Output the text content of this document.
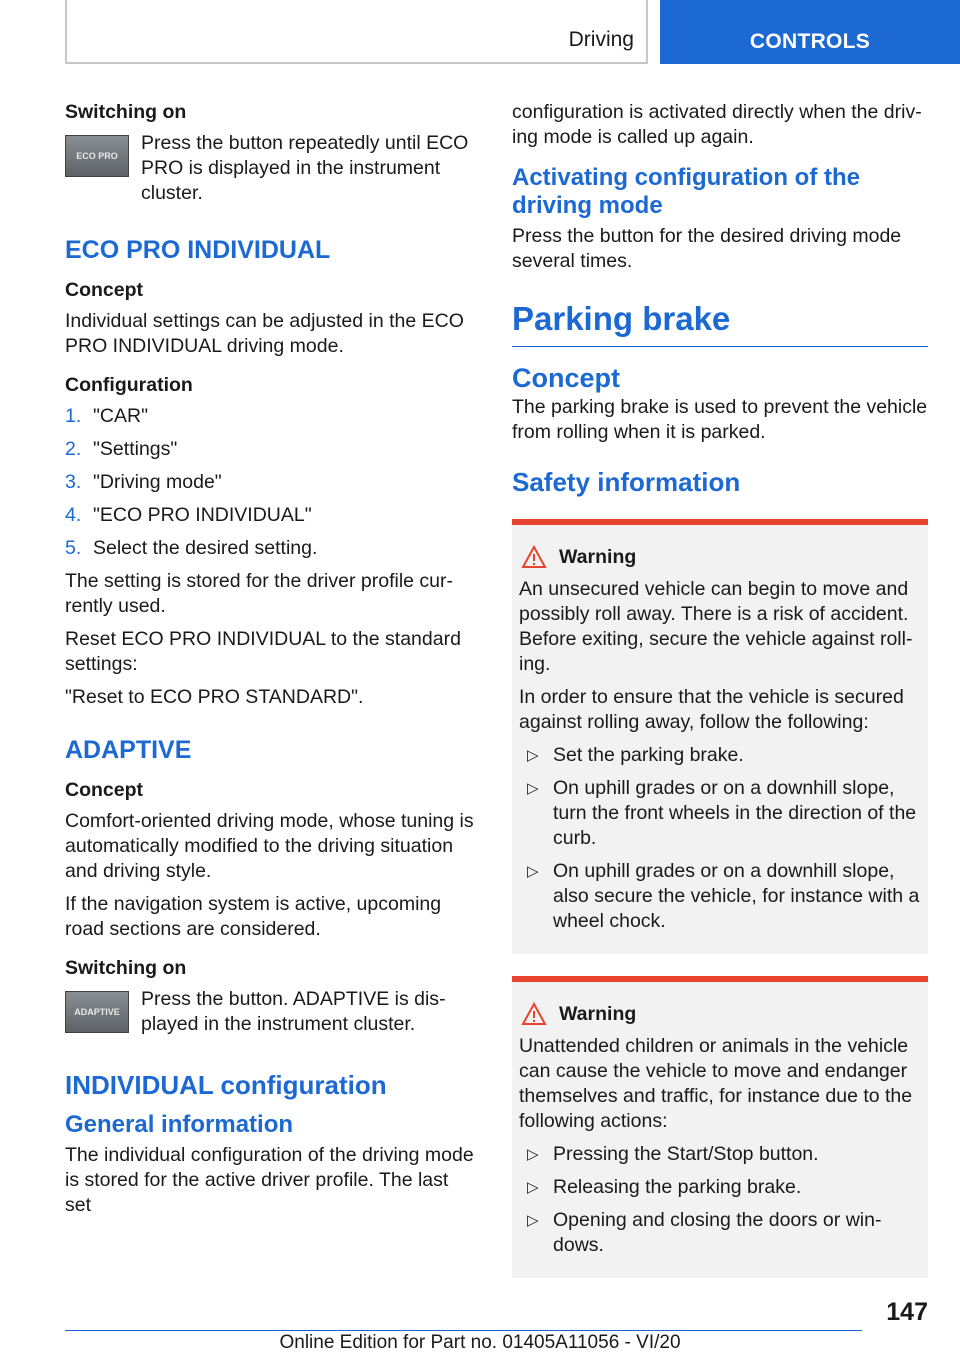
Driving	CONTROLS
Switching on
ECO PRO
Press the button repeatedly until ECO PRO is displayed in the instrument cluster.
ECO PRO INDIVIDUAL
Concept

Individual settings can be adjusted in the ECO PRO INDIVIDUAL driving mode.

Configuration
1. "CAR"
2. "Settings"
3. "Driving mode"
4. "ECO PRO INDIVIDUAL"
5. Select the desired setting.

The setting is stored for the driver profile currently used.

Reset ECO PRO INDIVIDUAL to the standard settings:

"Reset to ECO PRO STANDARD".

ADAPTIVE
Concept

Comfort-oriented driving mode, whose tuning is automatically modified to the driving situation and driving style.

If the navigation system is active, upcoming road sections are considered.

Switching on
ADAPTIVE
Press the button. ADAPTIVE is displayed in the instrument cluster.
INDIVIDUAL configuration
General information

The individual configuration of the driving mode is stored for the active driver profile. The last set

configuration is activated directly when the driving mode is called up again.

Activating configuration of the driving mode

Press the button for the desired driving mode several times.

Parking brake
Concept

The parking brake is used to prevent the vehicle from rolling when it is parked.

Safety information
Warning

An unsecured vehicle can begin to move and possibly roll away. There is a risk of accident. Before exiting, secure the vehicle against rolling.

In order to ensure that the vehicle is secured against rolling away, follow the following:

▷ Set the parking brake.
▷ On uphill grades or on a downhill slope, turn the front wheels in the direction of the curb.
▷ On uphill grades or on a downhill slope, also secure the vehicle, for instance with a wheel chock.
Warning

Unattended children or animals in the vehicle can cause the vehicle to move and endanger themselves and traffic, for instance due to the following actions:

▷ Pressing the Start/Stop button.
▷ Releasing the parking brake.
▷ Opening and closing the doors or windows.
147
Online Edition for Part no. 01405A11056 - VI/20
